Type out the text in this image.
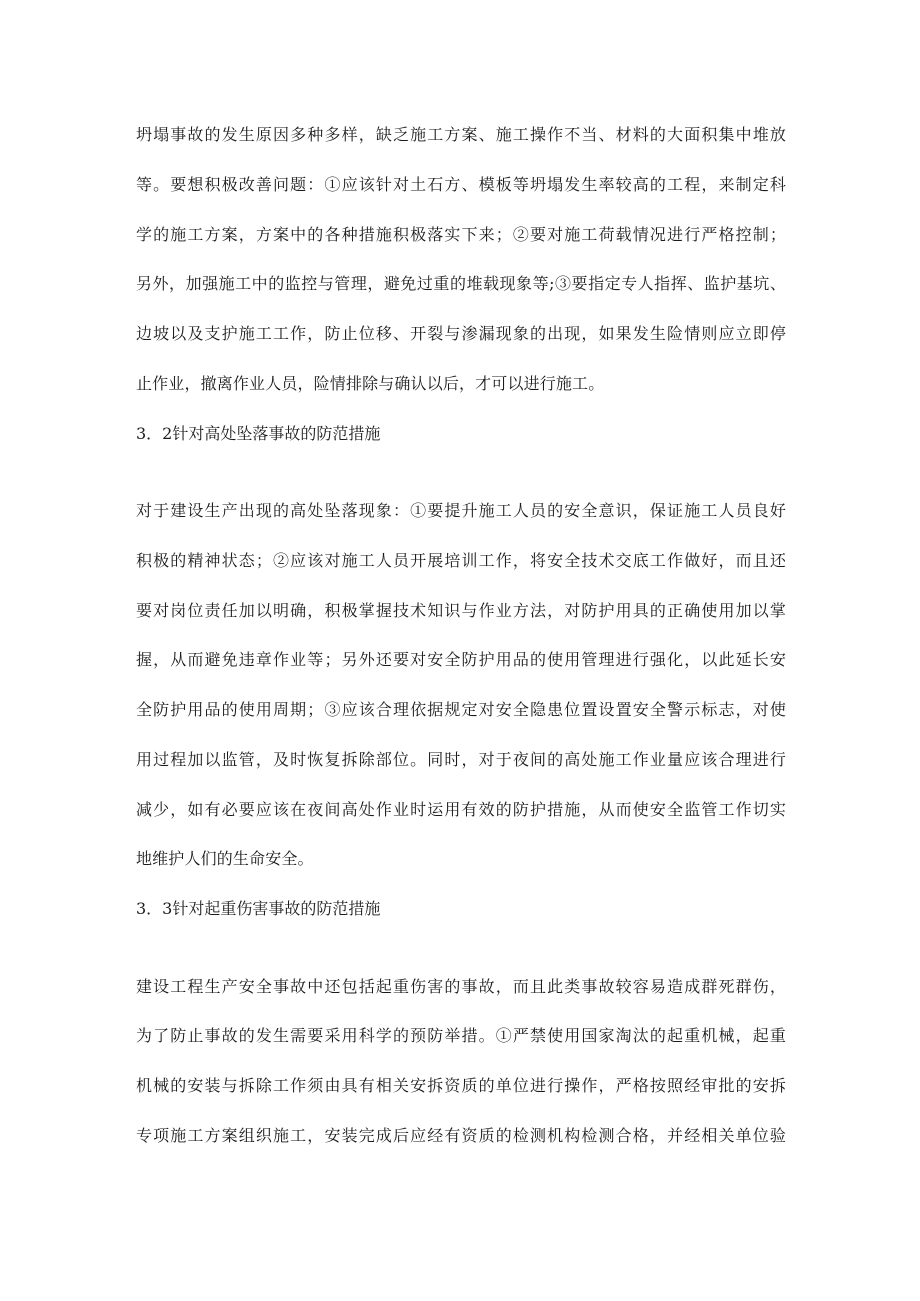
坍塌事故的发生原因多种多样，缺乏施工方案、施工操作不当、材料的大面积集中堆放
等。要想积极改善问题：①应该针对土石方、模板等坍塌发生率较高的工程，来制定科
学的施工方案，方案中的各种措施积极落实下来；②要对施工荷载情况进行严格控制；
另外，加强施工中的监控与管理，避免过重的堆载现象等;③要指定专人指挥、监护基坑、
边坡以及支护施工工作，防止位移、开裂与渗漏现象的出现，如果发生险情则应立即停
止作业，撤离作业人员，险情排除与确认以后，才可以进行施工。
3．2针对高处坠落事故的防范措施
对于建设生产出现的高处坠落现象：①要提升施工人员的安全意识，保证施工人员良好
积极的精神状态；②应该对施工人员开展培训工作，将安全技术交底工作做好，而且还
要对岗位责任加以明确，积极掌握技术知识与作业方法，对防护用具的正确使用加以掌
握，从而避免违章作业等；另外还要对安全防护用品的使用管理进行强化，以此延长安
全防护用品的使用周期；③应该合理依据规定对安全隐患位置设置安全警示标志，对使
用过程加以监管，及时恢复拆除部位。同时，对于夜间的高处施工作业量应该合理进行
减少，如有必要应该在夜间高处作业时运用有效的防护措施，从而使安全监管工作切实
地维护人们的生命安全。
3．3针对起重伤害事故的防范措施
建设工程生产安全事故中还包括起重伤害的事故，而且此类事故较容易造成群死群伤，
为了防止事故的发生需要采用科学的预防举措。①严禁使用国家淘汰的起重机械，起重
机械的安装与拆除工作须由具有相关安拆资质的单位进行操作，严格按照经审批的安拆
专项施工方案组织施工，安装完成后应经有资质的检测机构检测合格，并经相关单位验
